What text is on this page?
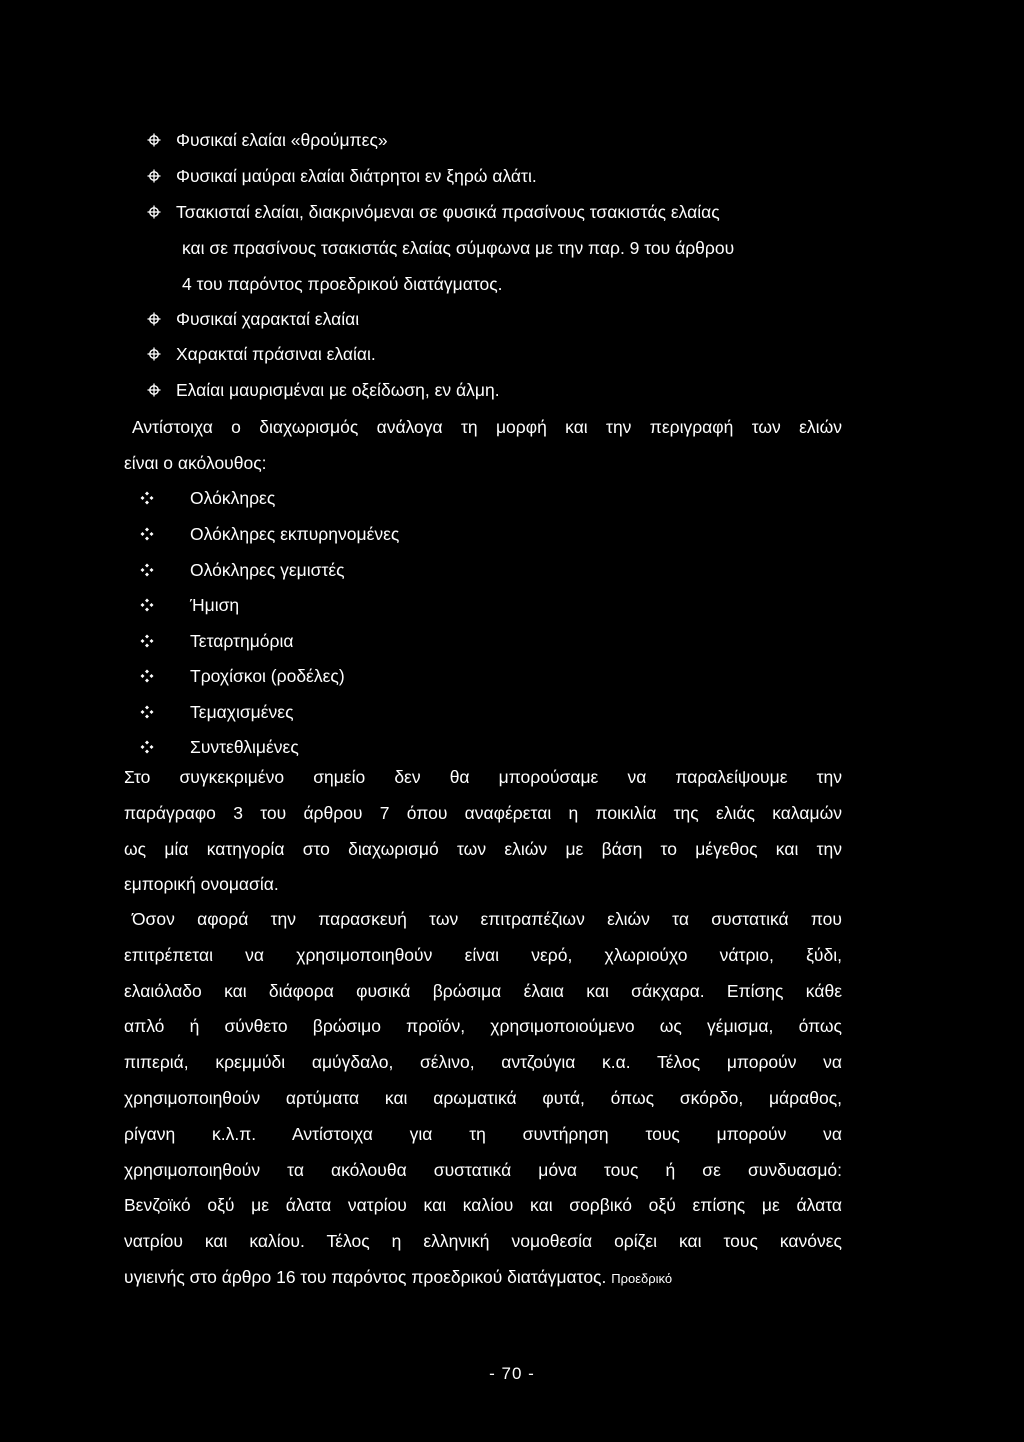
Φυσικαί ελαίαι «θρούμπες»
Φυσικαί μαύραι ελαίαι διάτρητοι εν ξηρώ αλάτι.
Τσακισταί ελαίαι, διακρινόμεναι σε φυσικά πρασίνους τσακιστάς ελαίας
και σε πρασίνους τσακιστάς ελαίας σύμφωνα με την παρ. 9 του άρθρου
4 του παρόντος προεδρικού διατάγματος.
Φυσικαί χαρακταί ελαίαι
Χαρακταί πράσιναι ελαίαι.
Ελαίαι μαυρισμέναι με οξείδωση, εν άλμη.
Αντίστοιχα ο διαχωρισμός ανάλογα τη μορφή και την περιγραφή των ελιών
είναι ο ακόλουθος:
Ολόκληρες
Ολόκληρες εκπυρηνομένες
Ολόκληρες γεμιστές
Ήμιση
Τεταρτημόρια
Τροχίσκοι (ροδέλες)
Τεμαχισμένες
Συντεθλιμένες
Στο συγκεκριμένο σημείο δεν θα μπορούσαμε να παραλείψουμε την
παράγραφο 3 του άρθρου 7 όπου αναφέρεται η ποικιλία της ελιάς καλαμών
ως μία κατηγορία στο διαχωρισμό των ελιών με βάση το μέγεθος και την
εμπορική ονομασία.
Όσον αφορά την παρασκευή των επιτραπέζιων ελιών τα συστατικά που
επιτρέπεται να χρησιμοποιηθούν είναι νερό, χλωριούχο νάτριο, ξύδι,
ελαιόλαδο και διάφορα φυσικά βρώσιμα έλαια και σάκχαρα. Επίσης κάθε
απλό ή σύνθετο βρώσιμο προϊόν, χρησιμοποιούμενο ως γέμισμα, όπως
πιπεριά, κρεμμύδι αμύγδαλο, σέλινο, αντζούγια κ.α. Τέλος μπορούν να
χρησιμοποιηθούν αρτύματα και αρωματικά φυτά, όπως σκόρδο, μάραθος,
ρίγανη κ.λ.π. Αντίστοιχα για τη συντήρηση τους μπορούν να
χρησιμοποιηθούν τα ακόλουθα συστατικά μόνα τους ή σε συνδυασμό:
Βενζοϊκό οξύ με άλατα νατρίου και καλίου και σορβικό οξύ επίσης με άλατα
νατρίου και καλίου. Τέλος η ελληνική νομοθεσία ορίζει και τους κανόνες
υγιεινής στο άρθρο 16 του παρόντος προεδρικού διατάγματος. Προεδρικό
- 70 -
